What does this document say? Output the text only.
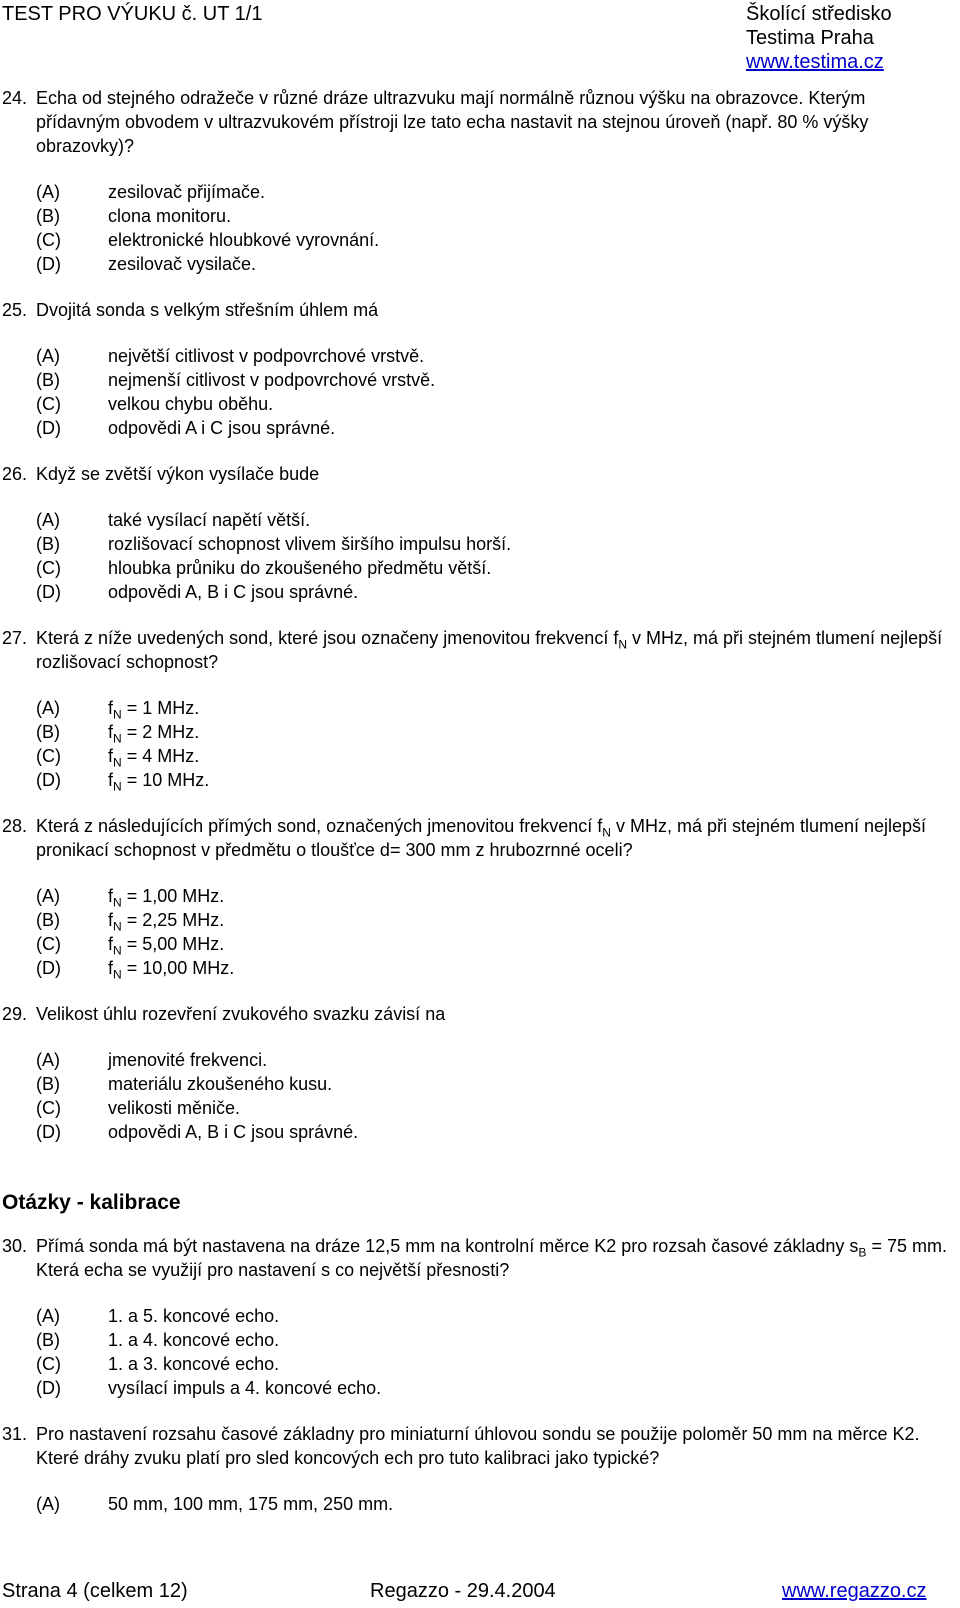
TEST PRO VÝUKU č. UT 1/1	Školící středisko
Testima Praha
www.testima.cz
24. Echa od stejného odražeče v různé dráze ultrazvuku mají normálně různou výšku na obrazovce. Kterým přídavným obvodem v ultrazvukovém přístroji lze tato echa nastavit na stejnou úroveň (např. 80 % výšky obrazovky)?
(A)	zesilovač přijímače.
(B)	clona monitoru.
(C)	elektronické hloubkové vyrovnání.
(D)	zesilovač vysilače.
25. Dvojitá sonda s velkým střešním úhlem má
(A)	největší citlivost v podpovrchové vrstvě.
(B)	nejmenší citlivost v podpovrchové vrstvě.
(C)	velkou chybu oběhu.
(D)	odpovědi A i C jsou správné.
26. Když se zvětší výkon vysílače bude
(A)	také vysílací napětí větší.
(B)	rozlišovací schopnost vlivem širšího impulsu horší.
(C)	hloubka průniku do zkoušeného předmětu větší.
(D)	odpovědi A, B i C jsou správné.
27. Která z níže uvedených sond, které jsou označeny jmenovitou frekvencí $f_N$ v MHz, má při stejném tlumení nejlepší rozlišovací schopnost?
(A)	$f_N = 1$ MHz.
(B)	$f_N = 2$ MHz.
(C)	$f_N = 4$ MHz.
(D)	$f_N = 10$ MHz.
28. Která z následujících přímých sond, označených jmenovitou frekvencí $f_N$ v MHz, má při stejném tlumení nejlepší pronikací schopnost v předmětu o tloušťce d= 300 mm z hrubozrnné oceli?
(A)	$f_N = 1,00$ MHz.
(B)	$f_N = 2,25$ MHz.
(C)	$f_N = 5,00$ MHz.
(D)	$f_N = 10,00$ MHz.
29. Velikost úhlu rozevření zvukového svazku závisí na
(A)	jmenovité frekvenci.
(B)	materiálu zkoušeného kusu.
(C)	velikosti měniče.
(D)	odpovědi A, B i C jsou správné.
Otázky - kalibrace
30. Přímá sonda má být nastavena na dráze 12,5 mm na kontrolní měrce K2 pro rozsah časové základny $s_B = 75$ mm. Která echa se využijí pro nastavení s co největší přesnosti?
(A)	1. a 5. koncové echo.
(B)	1. a 4. koncové echo.
(C)	1. a 3. koncové echo.
(D)	vysílací impuls a 4. koncové echo.
31. Pro nastavení rozsahu časové základny pro miniaturní úhlovou sondu se použije poloměr 50 mm na měrce K2. Které dráhy zvuku platí pro sled koncových ech pro tuto kalibraci jako typické?
(A)	50 mm, 100 mm, 175 mm, 250 mm.
Strana 4 (celkem 12)	Regazzo - 29.4.2004	www.regazzo.cz
